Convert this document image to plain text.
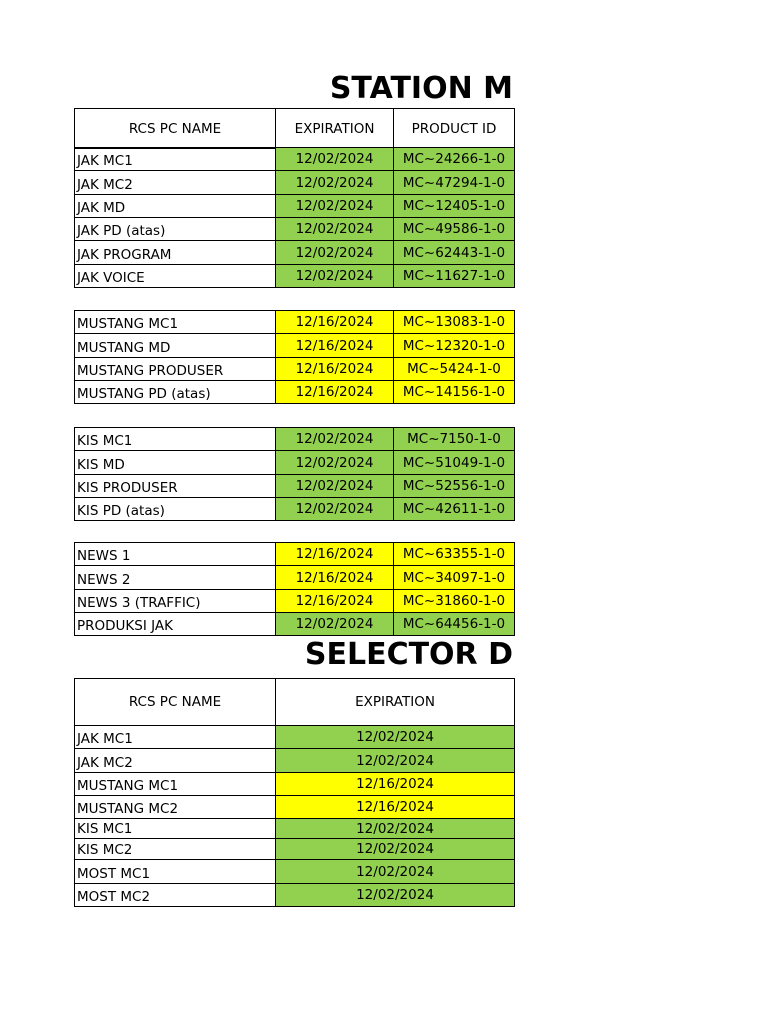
STATION M
RCS PC NAME	EXPIRATION	PRODUCT ID
JAK MC1	12/02/2024	MC~24266-1-0
JAK MC2	12/02/2024	MC~47294-1-0
JAK MD	12/02/2024	MC~12405-1-0
JAK PD (atas)	12/02/2024	MC~49586-1-0
JAK PROGRAM	12/02/2024	MC~62443-1-0
JAK VOICE	12/02/2024	MC~11627-1-0
MUSTANG MC1	12/16/2024	MC~13083-1-0
MUSTANG MD	12/16/2024	MC~12320-1-0
MUSTANG PRODUSER	12/16/2024	MC~5424-1-0
MUSTANG PD (atas)	12/16/2024	MC~14156-1-0
KIS MC1	12/02/2024	MC~7150-1-0
KIS MD	12/02/2024	MC~51049-1-0
KIS PRODUSER	12/02/2024	MC~52556-1-0
KIS PD (atas)	12/02/2024	MC~42611-1-0
NEWS 1	12/16/2024	MC~63355-1-0
NEWS 2	12/16/2024	MC~34097-1-0
NEWS 3 (TRAFFIC)	12/16/2024	MC~31860-1-0
PRODUKSI JAK	12/02/2024	MC~64456-1-0
SELECTOR D
RCS PC NAME	EXPIRATION
JAK MC1	12/02/2024
JAK MC2	12/02/2024
MUSTANG MC1	12/16/2024
MUSTANG MC2	12/16/2024
KIS MC1	12/02/2024
KIS MC2	12/02/2024
MOST MC1	12/02/2024
MOST MC2	12/02/2024
